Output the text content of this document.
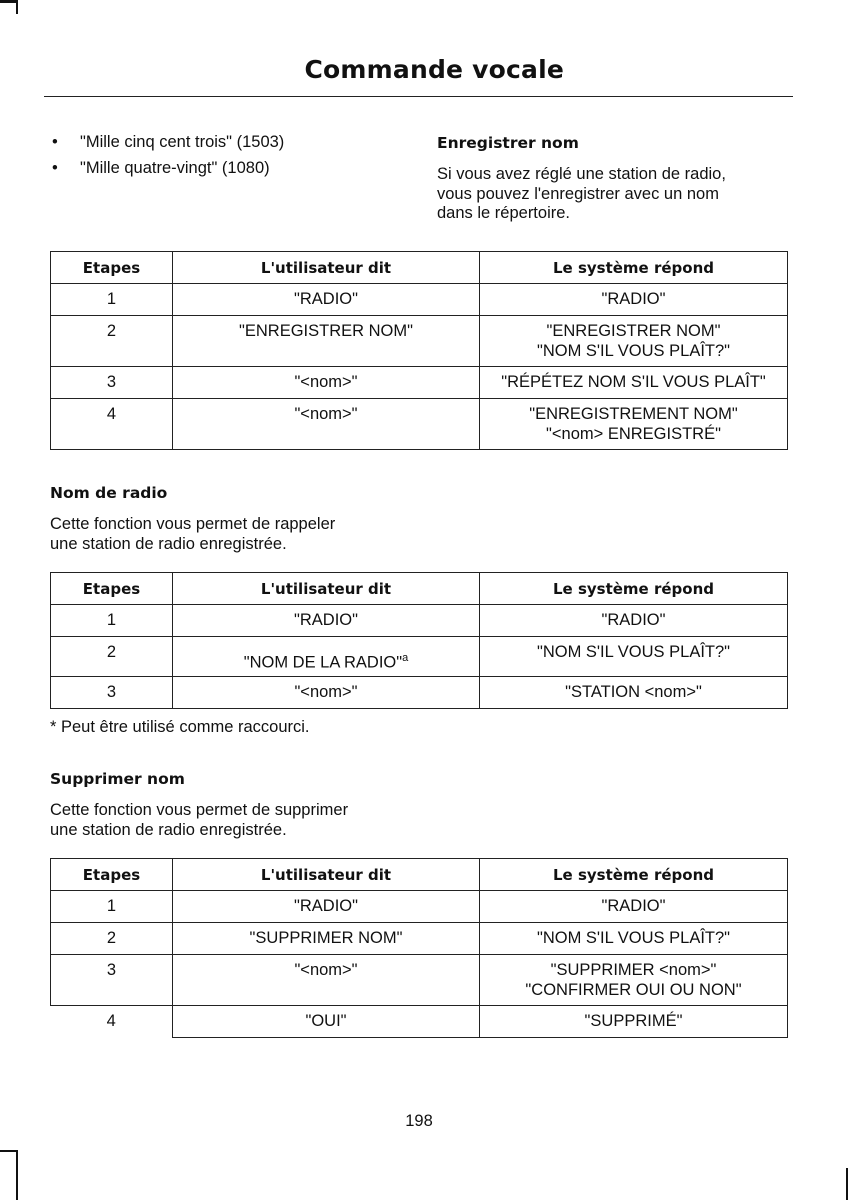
Commande vocale
• "Mille cinq cent trois" (1503)
• "Mille quatre-vingt" (1080)
Enregistrer nom

Si vous avez réglé une station de radio,
vous pouvez l'enregistrer avec un nom
dans le répertoire.

Etapes	L'utilisateur dit	Le système répond
1	"RADIO"	"RADIO"
2	"ENREGISTRER NOM"	"ENREGISTRER NOM"
"NOM S'IL VOUS PLAÎT?"
3	"<nom>"	"RÉPÉTEZ NOM S'IL VOUS PLAÎT"
4	"<nom>"	"ENREGISTREMENT NOM"
"<nom> ENREGISTRÉ"
Nom de radio

Cette fonction vous permet de rappeler
une station de radio enregistrée.

Etapes	L'utilisateur dit	Le système répond
1	"RADIO"	"RADIO"
2	"NOM DE LA RADIO"$^a$	"NOM S'IL VOUS PLAÎT?"
3	"<nom>"	"STATION <nom>"
* Peut être utilisé comme raccourci.
Supprimer nom

Cette fonction vous permet de supprimer
une station de radio enregistrée.

Etapes	L'utilisateur dit	Le système répond
1	"RADIO"	"RADIO"
2	"SUPPRIMER NOM"	"NOM S'IL VOUS PLAÎT?"
3	"<nom>"	"SUPPRIMER <nom>"
"CONFIRMER OUI OU NON"
4	"OUI"	"SUPPRIMÉ"
198
